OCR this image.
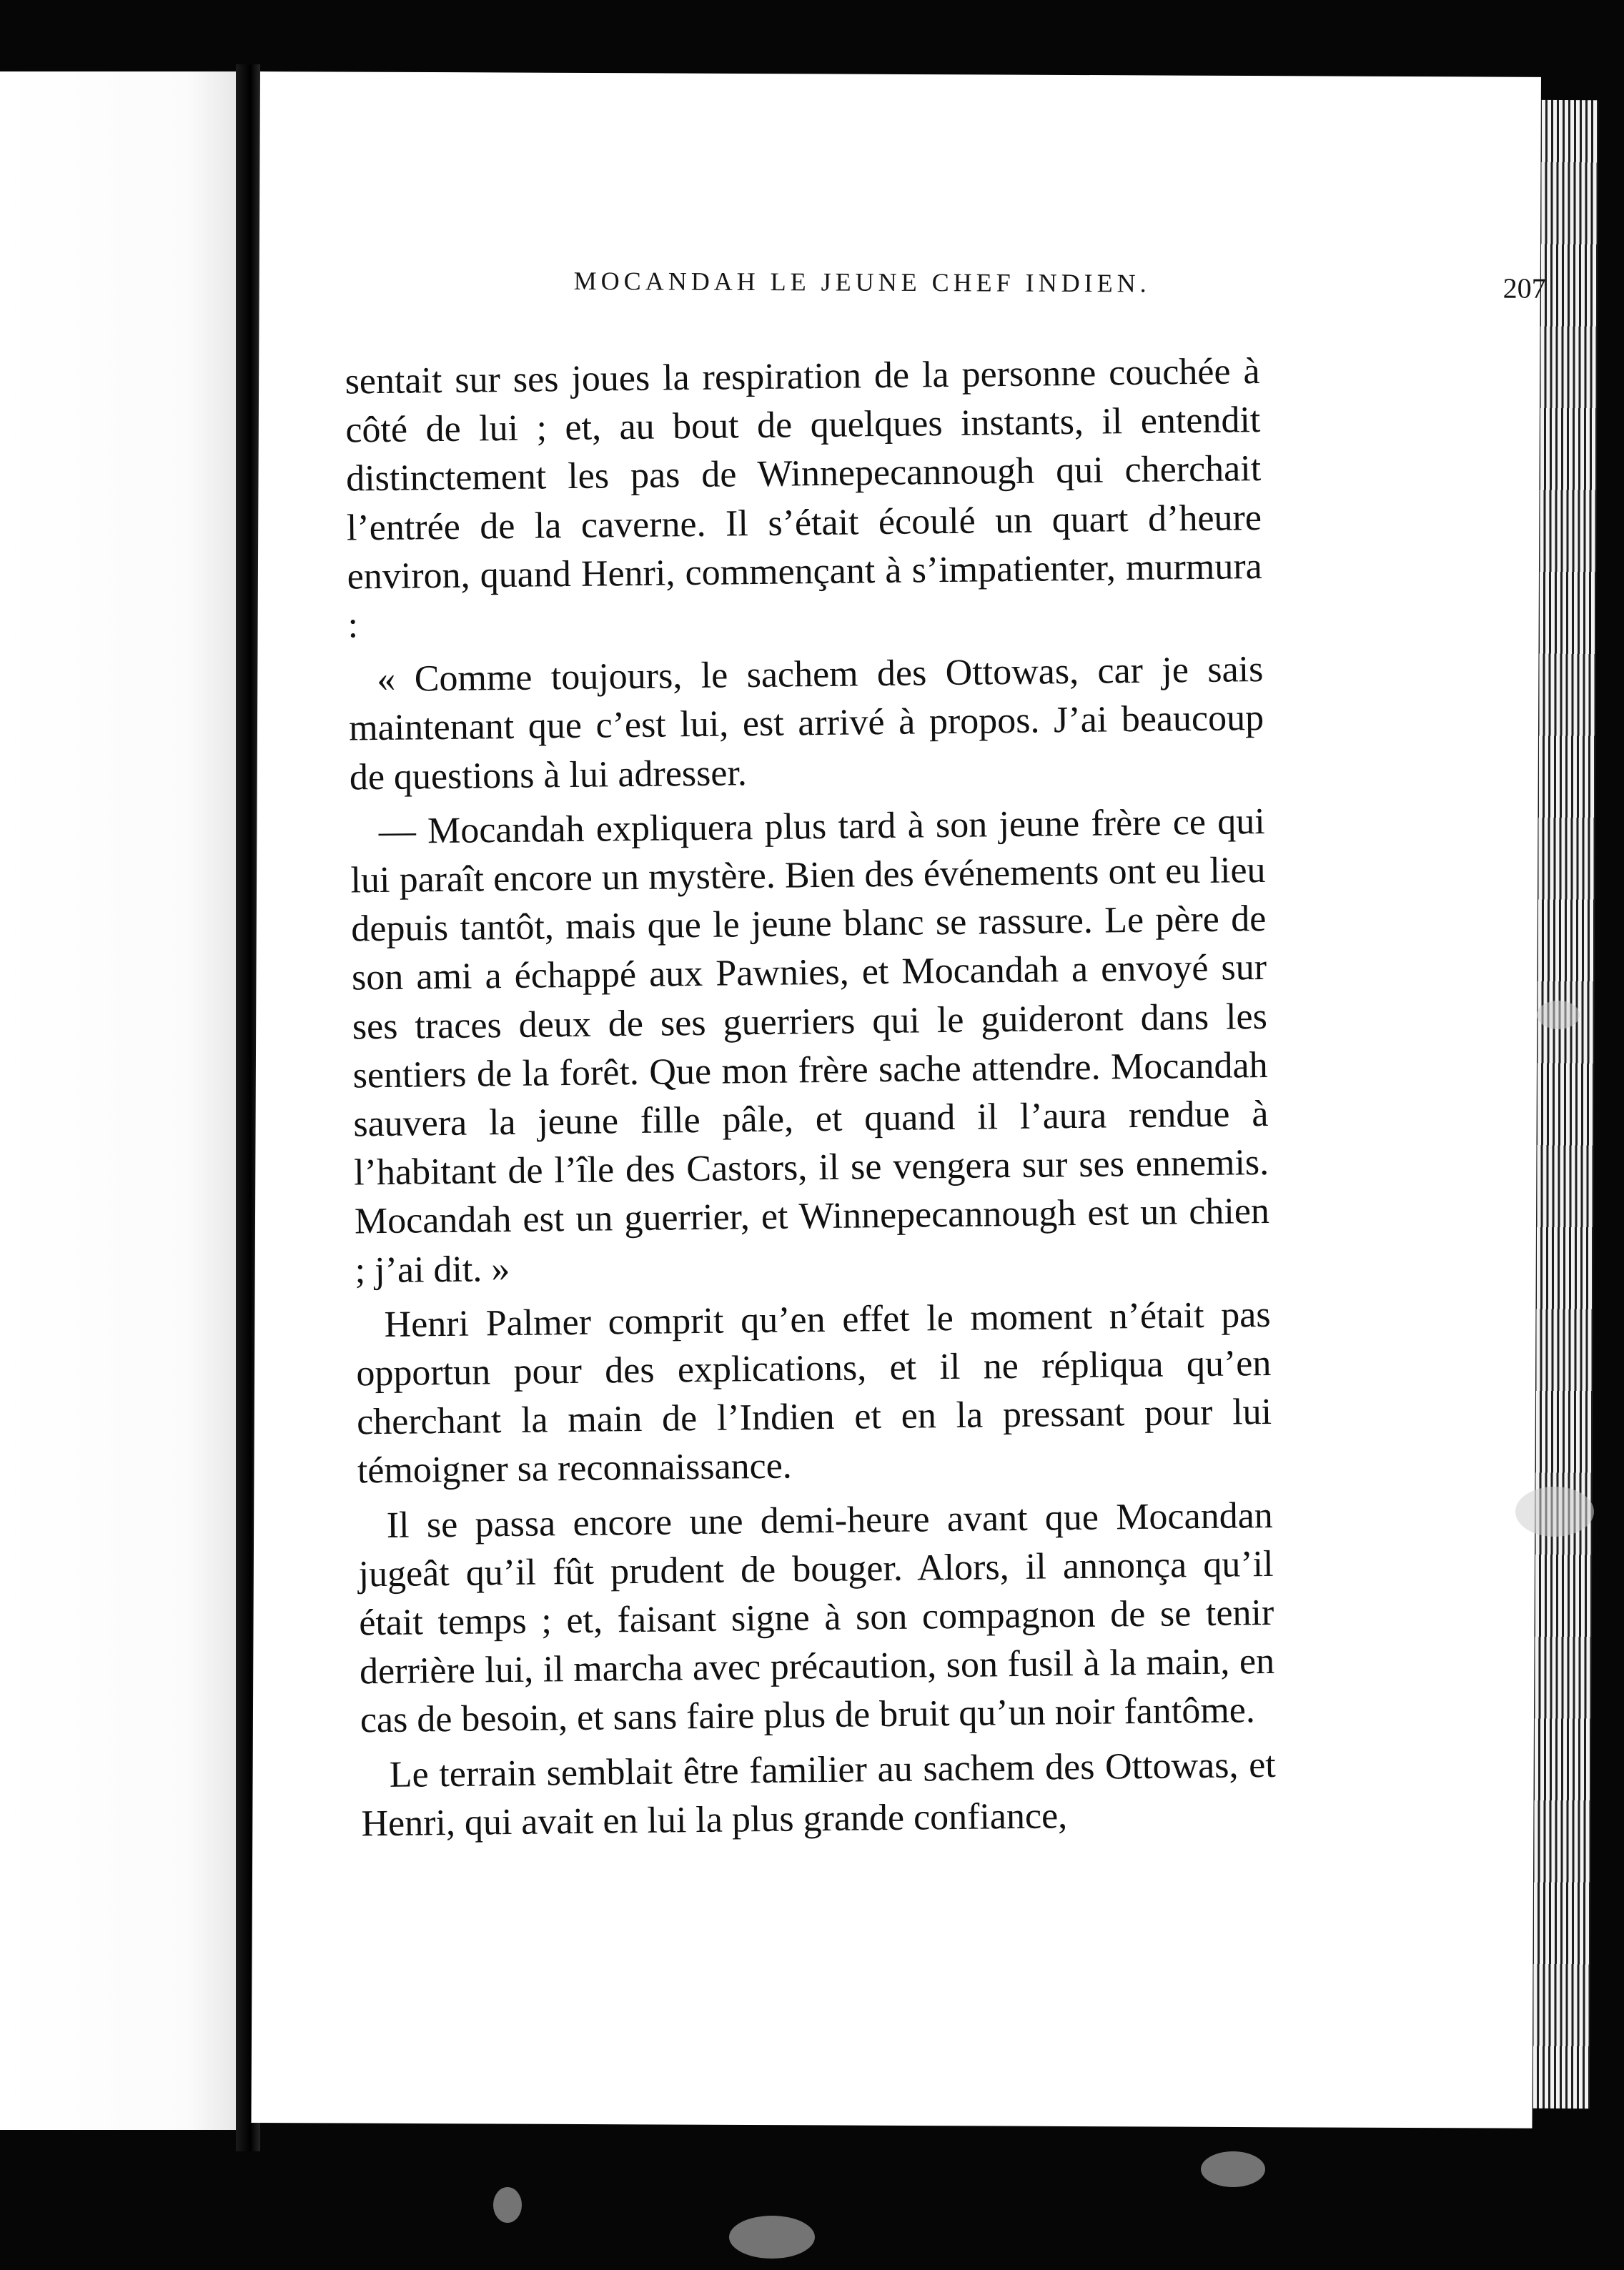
MOCANDAH LE JEUNE CHEF INDIEN.	207

sentait sur ses joues la respiration de la personne couchée à côté de lui ; et, au bout de quelques instants, il entendit distinctement les pas de Winnepecannough qui cherchait l’entrée de la caverne. Il s’était écoulé un quart d’heure environ, quand Henri, commençant à s’impatienter, murmura :

« Comme toujours, le sachem des Ottowas, car je sais maintenant que c’est lui, est arrivé à propos. J’ai beaucoup de questions à lui adresser.

— Mocandah expliquera plus tard à son jeune frère ce qui lui paraît encore un mystère. Bien des événements ont eu lieu depuis tantôt, mais que le jeune blanc se rassure. Le père de son ami a échappé aux Pawnies, et Mocandah a envoyé sur ses traces deux de ses guerriers qui le guideront dans les sentiers de la forêt. Que mon frère sache attendre. Mocandah sauvera la jeune fille pâle, et quand il l’aura rendue à l’habitant de l’île des Castors, il se vengera sur ses ennemis. Mocandah est un guerrier, et Winnepecannough est un chien ; j’ai dit. »

Henri Palmer comprit qu’en effet le moment n’était pas opportun pour des explications, et il ne répliqua qu’en cherchant la main de l’Indien et en la pressant pour lui témoigner sa reconnaissance.

Il se passa encore une demi-heure avant que Mocandan jugeât qu’il fût prudent de bouger. Alors, il annonça qu’il était temps ; et, faisant signe à son compagnon de se tenir derrière lui, il marcha avec précaution, son fusil à la main, en cas de besoin, et sans faire plus de bruit qu’un noir fantôme.

Le terrain semblait être familier au sachem des Ottowas, et Henri, qui avait en lui la plus grande confiance,
